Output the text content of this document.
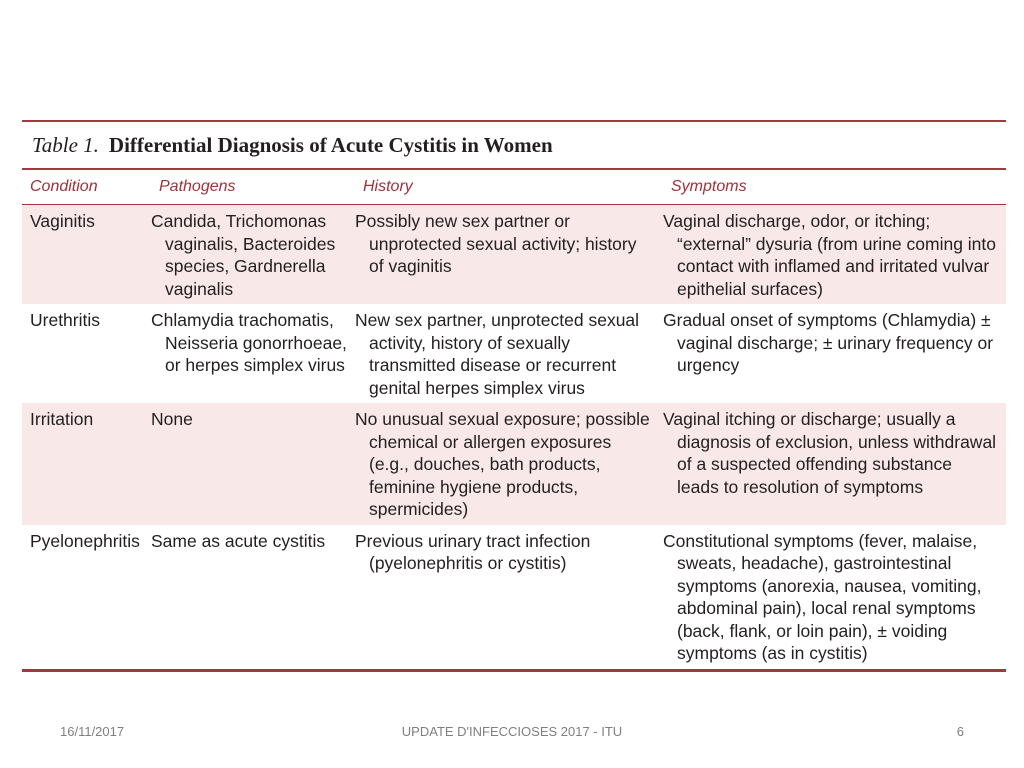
Table 1. Differential Diagnosis of Acute Cystitis in Women
Condition	Pathogens	History	Symptoms
Vaginitis	Candida, Trichomonas vaginalis, Bacteroides species, Gardnerella vaginalis	Possibly new sex partner or unprotected sexual activity; history of vaginitis	Vaginal discharge, odor, or itching; “external” dysuria (from urine coming into contact with inflamed and irritated vulvar epithelial surfaces)
Urethritis	Chlamydia trachomatis, Neisseria gonorrhoeae, or herpes simplex virus	New sex partner, unprotected sexual activity, history of sexually transmitted disease or recurrent genital herpes simplex virus	Gradual onset of symptoms (Chlamydia) ± vaginal discharge; ± urinary frequency or urgency
Irritation	None	No unusual sexual exposure; possible chemical or allergen exposures (e.g., douches, bath products, feminine hygiene products, spermicides)	Vaginal itching or discharge; usually a diagnosis of exclusion, unless withdrawal of a suspected offending substance leads to resolution of symptoms
Pyelonephritis	Same as acute cystitis	Previous urinary tract infection (pyelonephritis or cystitis)	Constitutional symptoms (fever, malaise, sweats, headache), gastrointestinal symptoms (anorexia, nausea, vomiting, abdominal pain), local renal symptoms (back, flank, or loin pain), ± voiding symptoms (as in cystitis)
16/11/2017	UPDATE D'INFECCIOSES 2017 - ITU	6
